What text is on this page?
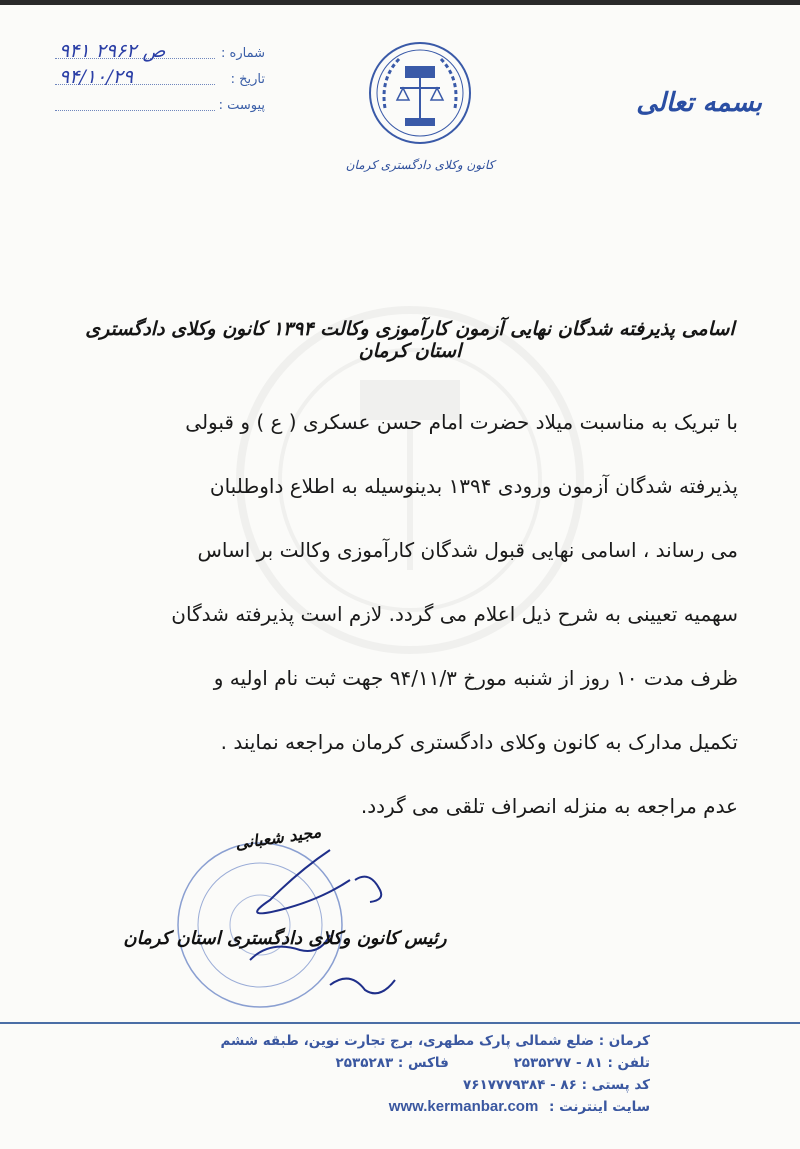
شماره :
۹۴۱ ص ۲۹۶۲
تاریخ :
۹۴/۱۰/۲۹
پیوست :
کانون وکلای دادگستری کرمان
بسمه تعالی
اسامی پذیرفته شدگان نهایی آزمون کارآموزی وکالت ۱۳۹۴ کانون وکلای دادگستری استان کرمان
با تبریک به مناسبت میلاد حضرت امام حسن عسکری ( ع ) و قبولی
پذیرفته شدگان آزمون ورودی ۱۳۹۴ بدینوسیله به اطلاع داوطلبان
می رساند ، اسامی نهایی قبول شدگان کارآموزی وکالت بر اساس
سهمیه تعیینی به شرح ذیل اعلام می گردد. لازم است پذیرفته شدگان
ظرف مدت ۱۰ روز از شنبه مورخ ۹۴/۱۱/۳ جهت ثبت نام اولیه و
تکمیل مدارک به کانون وکلای دادگستری کرمان مراجعه نمایند .
عدم مراجعه به منزله انصراف تلقی می گردد.
مجید شعبانی
رئیس کانون وکلای دادگستری استان کرمان
کرمان : ضلع شمالی پارک مطهری، برج تجارت نوین، طبقه ششم
تلفن : ۸۱ - ۲۵۳۵۲۷۷ فاکس : ۲۵۳۵۲۸۳
کد پستی : ۸۶ - ۷۶۱۷۷۷۹۳۸۴
سایت اینترنت : www.kermanbar.com
